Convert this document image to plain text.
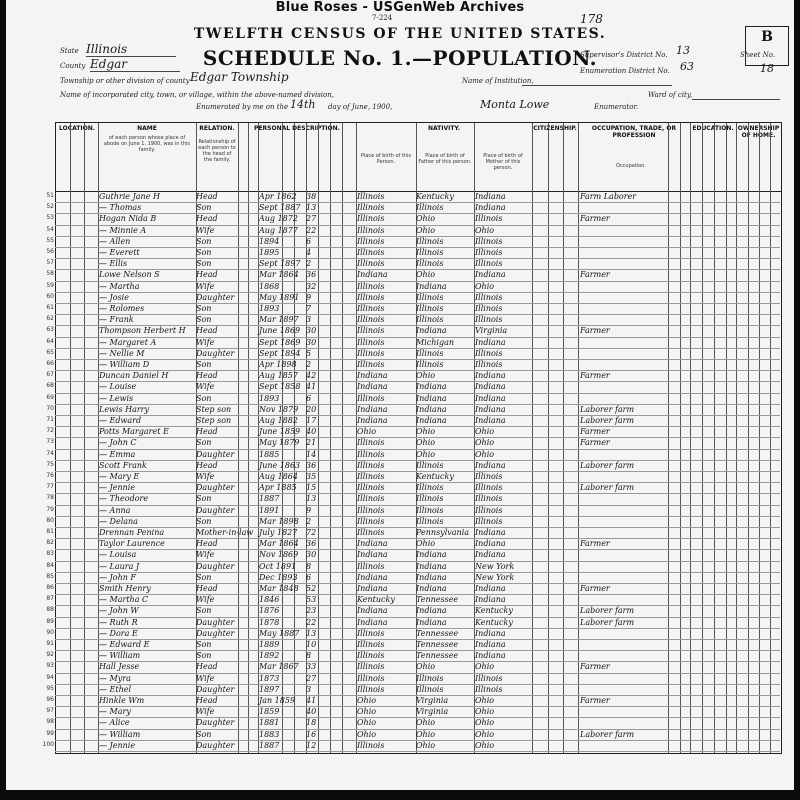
Blue Roses - USGenWeb Archives
7-224	178
TWELFTH CENSUS OF THE UNITED STATES.
SCHEDULE No. 1.—POPULATION.
B
State Illinois
County Edgar
Township or other division of county Edgar Township	Name of Institution,
Name of incorporated city, town, or village, within the above-named division,	Ward of city,
Enumerated by me on the 14th day of June, 1900,	Monta Lowe	Enumerator.
Supervisor's District No. 13
Enumeration District No. 63
Sheet No.
18
LOCATION.	NAME
of each person whose place of abode on June 1, 1900, was in this family.
RELATION.
Relationship of each person to the head of the family.
PERSONAL DESCRIPTION.	NATIVITY.
Place of birth of this Person.
Place of birth of Father of this person.
Place of birth of Mother of this person.
CITIZENSHIP.	OCCUPATION, TRADE, OR PROFESSION
Occupation.
EDUCATION. OWNERSHIP OF HOME.
51	Guthrie Jane H	Head	Apr 1862 38	Illinois	Kentucky	Indiana	Farm Laborer
52	— Thomas	Son	Sept 1887 13	Illinois	Illinois	Indiana
53	Hogan Nida B	Head	Aug 1872 27	Illinois	Ohio	Illinois	Farmer
54	— Minnie A	Wife	Aug 1877 22	Illinois	Ohio	Ohio
55	— Allen	Son	1894	6	Illinois	Illinois	Illinois
56	— Everett	Son	1895	4	Illinois	Illinois	Illinois
57	— Ellis	Son	Sept 1897 2	Illinois	Illinois	Illinois
58	Lowe Nelson S	Head	Mar 1864 36	Indiana	Ohio	Indiana	Farmer
59	— Martha	Wife	1868	32	Illinois	Indiana	Ohio
60	— Josie	Daughter	May 1891 9	Illinois	Illinois	Illinois
61	— Rolomes	Son	1893	7	Illinois	Illinois	Illinois
62	— Frank	Son	Mar 1897 3	Illinois	Illinois	Illinois
63	Thompson Herbert H	Head	June 1869 30	Illinois	Indiana	Virginia	Farmer
64	— Margaret A	Wife	Sept 1869 30	Illinois	Michigan	Indiana
65	— Nellie M	Daughter	Sept 1894 5	Illinois	Illinois	Illinois
66	— William D	Son	Apr 1898 2	Illinois	Illinois	Illinois
67	Duncan Daniel H	Head	Aug 1857 42	Indiana	Ohio	Indiana	Farmer
68	— Louise	Wife	Sept 1858 41	Indiana	Indiana	Indiana
69	— Lewis	Son	1893	6	Illinois	Indiana	Indiana
70	Lewis Harry	Step son	Nov 1879 20	Indiana	Indiana	Indiana	Laborer farm
71	— Edward	Step son	Aug 1882 17	Indiana	Indiana	Indiana	Laborer farm
72	Potts Margaret E	Head	June 1859 40	Ohio	Ohio	Ohio	Farmer
73	— John C	Son	May 1879 21	Illinois	Ohio	Ohio	Farmer
74	— Emma	Daughter	1885	14	Illinois	Ohio	Ohio
75	Scott Frank	Head	June 1863 36	Illinois	Illinois	Indiana	Laborer farm
76	— Mary E	Wife	Aug 1864 35	Illinois	Kentucky	Illinois
77	— Jennie	Daughter	Apr 1885 15	Illinois	Illinois	Illinois	Laborer farm
78	— Theodore	Son	1887	13	Illinois	Illinois	Illinois
79	— Anna	Daughter	1891	9	Illinois	Illinois	Illinois
80	— Delana	Son	Mar 1898 2	Illinois	Illinois	Illinois
81	Drennan Penina	Mother-in-law July 1827 72	Illinois	Pennsylvania Indiana
82	Taylor Laurence	Head	Mar 1864 36	Indiana	Ohio	Indiana	Farmer
83	— Louisa	Wife	Nov 1869 30	Indiana	Indiana	Indiana
84	— Laura J	Daughter	Oct 1891	8	Illinois	Indiana	New York
85	— John F	Son	Dec 1893 6	Indiana	Indiana	New York
86	Smith Henry	Head	Mar 1848 52	Indiana	Indiana	Indiana	Farmer
87	— Martha C	Wife	1846	53	Kentucky	Tennessee	Indiana
88	— John W	Son	1876	23	Indiana	Indiana	Kentucky	Laborer farm
89	— Ruth R	Daughter	1878	22	Indiana	Indiana	Kentucky	Laborer farm
90	— Dora E	Daughter	May 1887 13	Illinois	Tennessee	Indiana
91	— Edward E	Son	1889	10	Illinois	Tennessee	Indiana
92	— William	Son	1892	8	Illinois	Tennessee	Indiana
93	Hall Jesse	Head	Mar 1867 33	Illinois	Ohio	Ohio	Farmer
94	— Myra	Wife	1873	27	Illinois	Illinois	Illinois
95	— Ethel	Daughter	1897	3	Illinois	Illinois	Illinois
96	Hinkle Wm	Head	Jan 1859	41	Ohio	Virginia	Ohio	Farmer
97	— Mary	Wife	1859	40	Ohio	Virginia	Ohio
98	— Alice	Daughter	1881	18	Ohio	Ohio	Ohio
99	— William	Son	1883	16	Ohio	Ohio	Ohio	Laborer farm
100	— Jennie	Daughter	1887	12	Illinois	Ohio	Ohio
